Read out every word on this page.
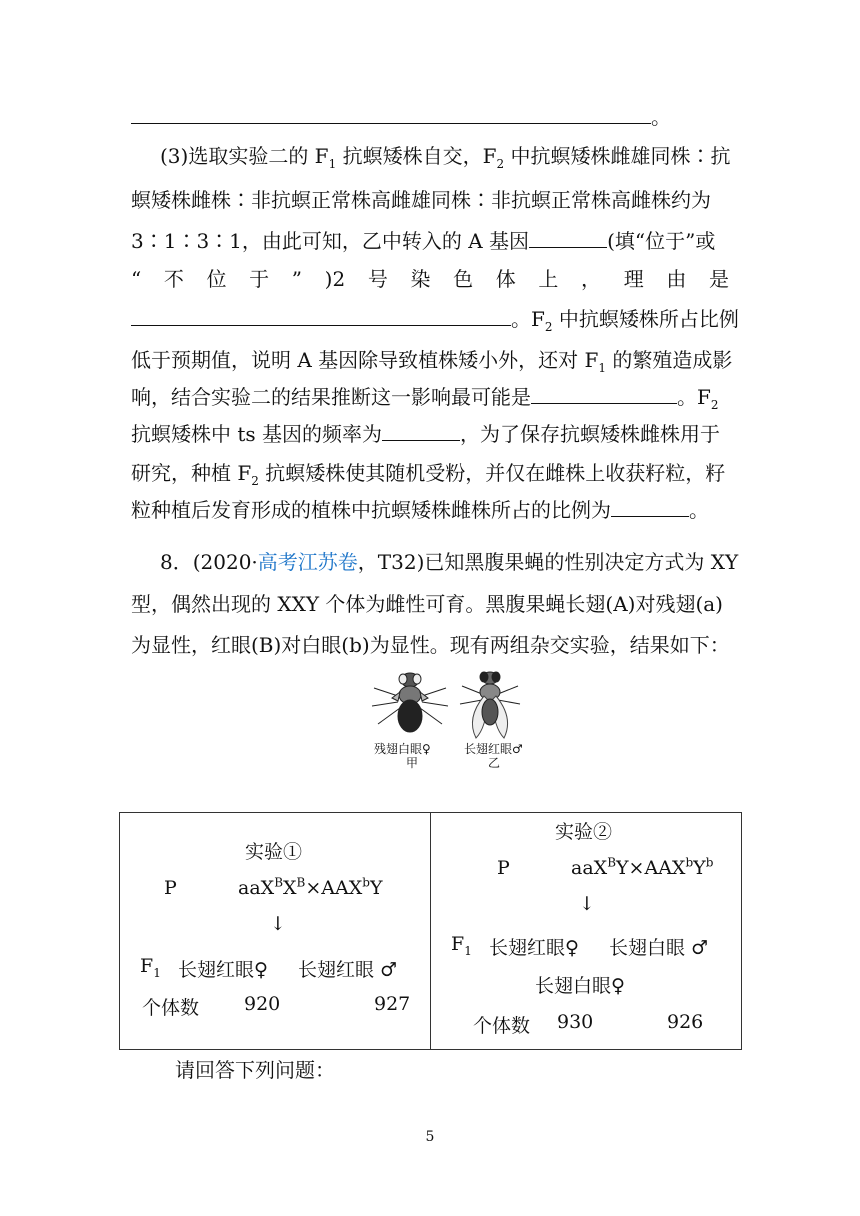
。
(3)选取实验二的 $F_1$ 抗螟矮株自交，$F_2$ 中抗螟矮株雌雄同株∶抗
螟矮株雌株∶非抗螟正常株高雌雄同株∶非抗螟正常株高雌株约为
3∶1∶3∶1，由此可知，乙中转入的 A 基因	(填“位于”或
“ 不 位 于 ” )2 号 染 色 体 上 ， 理 由 是
。$F_2$ 中抗螟矮株所占比例
低于预期值，说明 A 基因除导致植株矮小外，还对 $F_1$ 的繁殖造成影
响，结合实验二的结果推断这一影响最可能是	。$F_2$
抗螟矮株中 ts 基因的频率为	，为了保存抗螟矮株雌株用于
研究，种植 $F_2$ 抗螟矮株使其随机受粉，并仅在雌株上收获籽粒，籽
粒种植后发育形成的植株中抗螟矮株雌株所占的比例为	。
8．(2020·高考江苏卷，T32)已知黑腹果蝇的性别决定方式为 XY
型，偶然出现的 XXY 个体为雌性可育。黑腹果蝇长翅(A)对残翅(a)
为显性，红眼(B)对白眼(b)为显性。现有两组杂交实验，结果如下：
残翅白眼♀
甲
长翅红眼♂
乙
实验①
P	$aaX^BX^B\times AAX^bY$
↓
$F_1$ 长翅红眼♀ 长翅红眼 ♂
个体数 920	927

实验②
P	$aaX^BY\times AAX^bY^b$
↓
$F_1$ 长翅红眼♀ 长翅白眼 ♂
长翅白眼♀
个体数 930	926
请回答下列问题：
5
